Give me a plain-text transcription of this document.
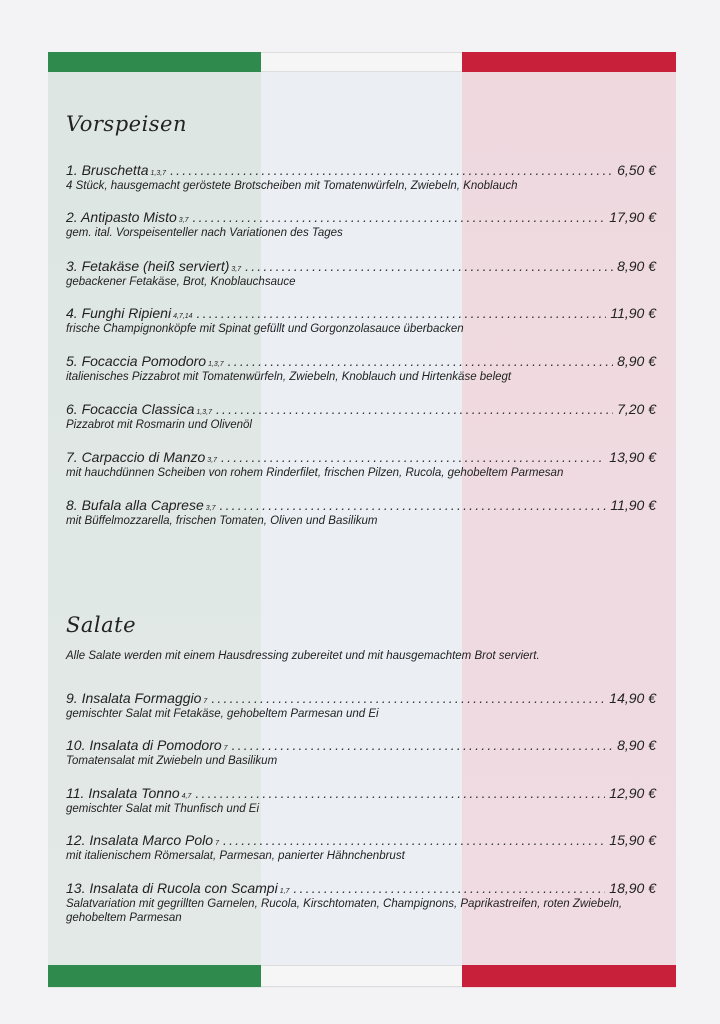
Vorspeisen
1. Bruschetta $_{1,3,7}$ .....	6,50 €
4 Stück, hausgemacht geröstete Brotscheiben mit Tomatenwürfeln, Zwiebeln, Knoblauch
2. Antipasto Misto $_{3,7}$ .....	17,90 €
gem. ital. Vorspeisenteller nach Variationen des Tages
3. Fetakäse (heiß serviert) $_{3,7}$ .....	8,90 €
gebackener Fetakäse, Brot, Knoblauchsauce
4. Funghi Ripieni $_{4,7,14}$ .....	11,90 €
frische Champignonköpfe mit Spinat gefüllt und Gorgonzolasauce überbacken
5. Focaccia Pomodoro $_{1,3,7}$ .....	8,90 €
italienisches Pizzabrot mit Tomatenwürfeln, Zwiebeln, Knoblauch und Hirtenkäse belegt
6. Focaccia Classica $_{1,3,7}$ .....	7,20 €
Pizzabrot mit Rosmarin und Olivenöl
7. Carpaccio di Manzo $_{3,7}$ .....	13,90 €
mit hauchdünnen Scheiben von rohem Rinderfilet, frischen Pilzen, Rucola, gehobeltem Parmesan
8. Bufala alla Caprese $_{3,7}$ .....	11,90 €
mit Büffelmozzarella, frischen Tomaten, Oliven und Basilikum
Salate
Alle Salate werden mit einem Hausdressing zubereitet und mit hausgemachtem Brot serviert.
9. Insalata Formaggio $_7$ .....	14,90 €
gemischter Salat mit Fetakäse, gehobeltem Parmesan und Ei
10. Insalata di Pomodoro $_7$ .....	8,90 €
Tomatensalat mit Zwiebeln und Basilikum
11. Insalata Tonno $_{4,7}$ .....	12,90 €
gemischter Salat mit Thunfisch und Ei
12. Insalata Marco Polo $_7$ .....	15,90 €
mit italienischem Römersalat, Parmesan, panierter Hähnchenbrust
13. Insalata di Rucola con Scampi $_{1,7}$ .....	18,90 €
Salatvariation mit gegrillten Garnelen, Rucola, Kirschtomaten, Champignons, Paprikastreifen, roten Zwiebeln, gehobeltem Parmesan
